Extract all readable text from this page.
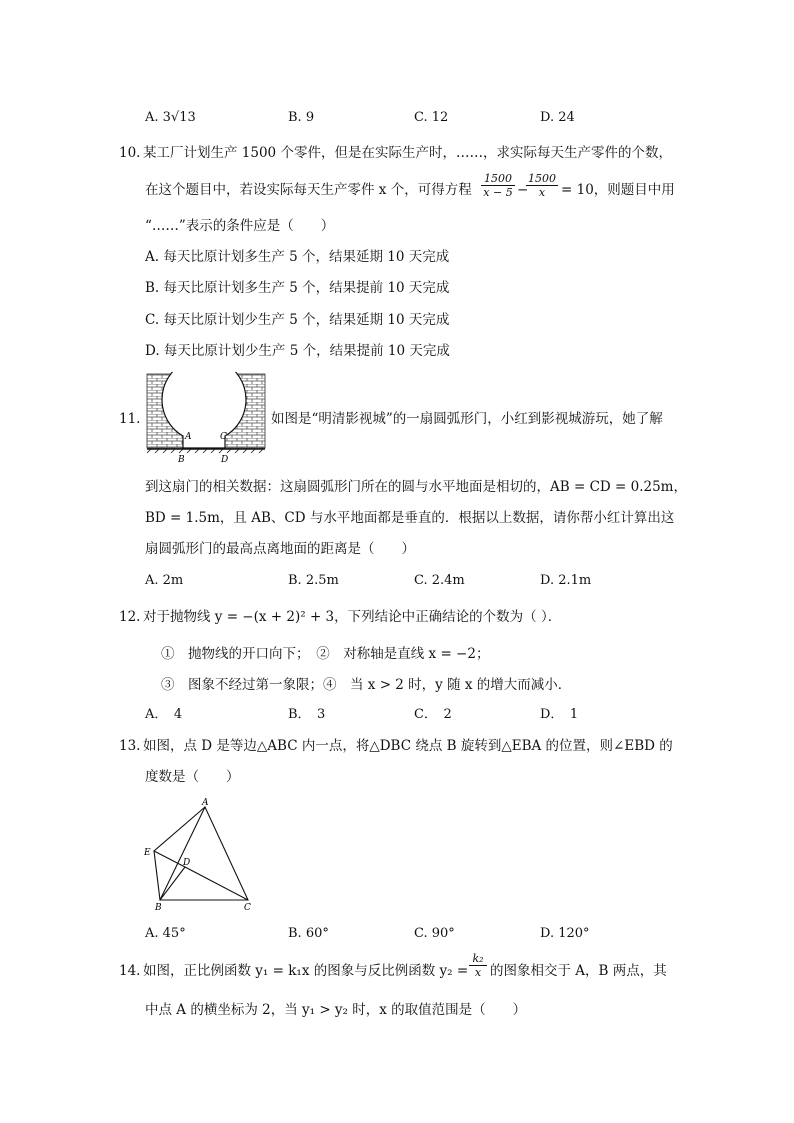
A. 3√13	B. 9	C. 12	D. 24
10. 某工厂计划生产 1500 个零件，但是在实际生产时，……，求实际每天生产零件的个数，
在这个题目中，若设实际每天生产零件 x 个，可得方程 $\frac{1500}{x - 5}$ −
$\frac{1500}{x} = 10$，则题目中用
“……”表示的条件应是（　　）
A. 每天比原计划多生产 5 个，结果延期 10 天完成
B. 每天比原计划多生产 5 个，结果提前 10 天完成
C. 每天比原计划少生产 5 个，结果延期 10 天完成
D. 每天比原计划少生产 5 个，结果提前 10 天完成
11.
A	C
B	D
如图是“明清影视城”的一扇圆弧形门，小红到影视城游玩，她了解
到这扇门的相关数据：这扇圆弧形门所在的圆与水平地面是相切的，AB = CD = 0.25m，
BD = 1.5m，且 AB、CD 与水平地面都是垂直的．根据以上数据，请你帮小红计算出这
扇圆弧形门的最高点离地面的距离是（　　）
A. 2m	B. 2.5m	C. 2.4m	D. 2.1m
12. 对于抛物线 y = −(x + 2)² + 3，下列结论中正确结论的个数为（ ）．
①　抛物线的开口向下；　②　对称轴是直线 x = −2；
③　图象不经过第一象限；④　当 x > 2 时，y 随 x 的增大而减小．
A．　4	B．　3	C．　2	D．　1
13. 如图，点 D 是等边△ABC 内一点，将△DBC 绕点 B 旋转到△EBA 的位置，则∠EBD 的
度数是（　　）
A
E
D
B	C
A. 45°	B. 60°	C. 90°	D. 120°
14. 如图，正比例函数 y₁ = k₁x 的图象与反比例函数 $y_2 = \frac{\text{k₂}}{x}$ 的图象相交于 A，B 两点，其
中点 A 的横坐标为 2，当 y₁ > y₂ 时，x 的取值范围是（　　）
